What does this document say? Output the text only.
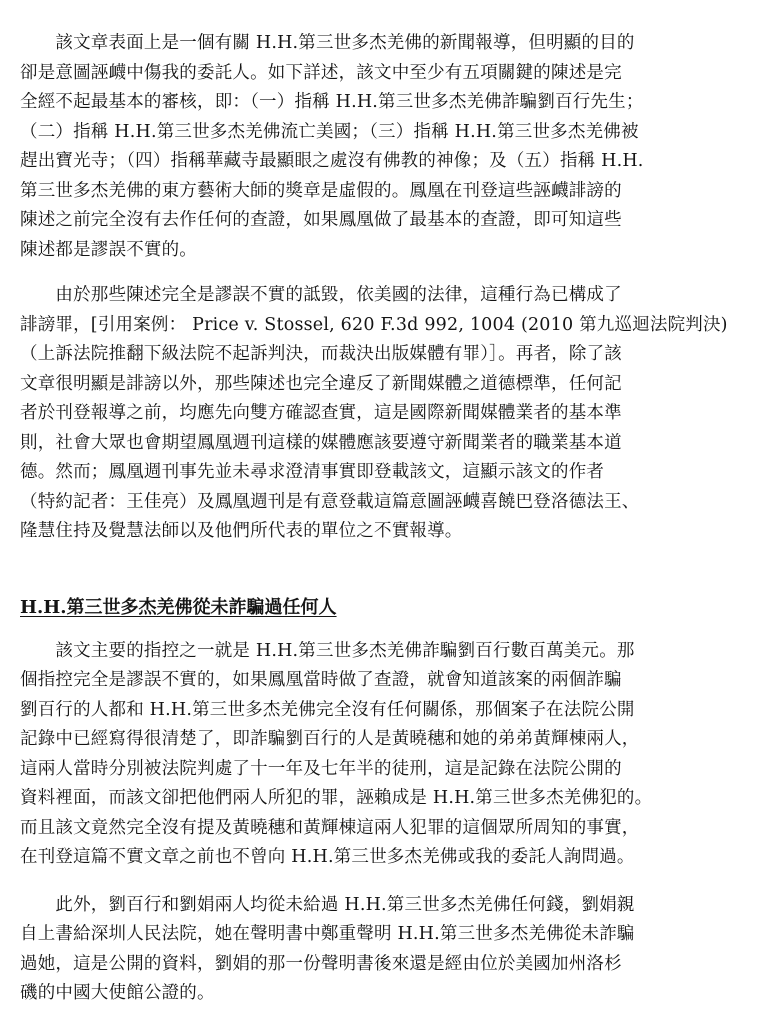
　　該文章表面上是一個有關 H.H.第三世多杰羌佛的新聞報導，但明顯的目的

卻是意圖誣衊中傷我的委託人。如下詳述，該文中至少有五項關鍵的陳述是完

全經不起最基本的審核，即：（一）指稱 H.H.第三世多杰羌佛詐騙劉百行先生；

（二）指稱 H.H.第三世多杰羌佛流亡美國；（三）指稱 H.H.第三世多杰羌佛被

趕出寶光寺；（四）指稱華藏寺最顯眼之處沒有佛教的神像；及（五）指稱 H.H.

第三世多杰羌佛的東方藝術大師的獎章是虛假的。鳳凰在刊登這些誣衊誹謗的

陳述之前完全沒有去作任何的查證，如果鳳凰做了最基本的查證，即可知這些

陳述都是謬誤不實的。

　　由於那些陳述完全是謬誤不實的詆毀，依美國的法律，這種行為已構成了

誹謗罪，[引用案例： Price v. Stossel, 620 F.3d 992, 1004 (2010 第九巡迴法院判決)

（上訴法院推翻下級法院不起訴判決，而裁決出版媒體有罪）］。再者，除了該

文章很明顯是誹謗以外，那些陳述也完全違反了新聞媒體之道德標準，任何記

者於刊登報導之前，均應先向雙方確認查實，這是國際新聞媒體業者的基本準

則，社會大眾也會期望鳳凰週刊這樣的媒體應該要遵守新聞業者的職業基本道

德。然而；鳳凰週刊事先並未尋求澄清事實即登載該文，這顯示該文的作者

（特約記者：王佳亮）及鳳凰週刊是有意登載這篇意圖誣衊喜饒巴登洛德法王、

隆慧住持及覺慧法師以及他們所代表的單位之不實報導。

H.H.第三世多杰羌佛從未詐騙過任何人

　　該文主要的指控之一就是 H.H.第三世多杰羌佛詐騙劉百行數百萬美元。那

個指控完全是謬誤不實的，如果鳳凰當時做了查證，就會知道該案的兩個詐騙

劉百行的人都和 H.H.第三世多杰羌佛完全沒有任何關係，那個案子在法院公開

記錄中已經寫得很清楚了，即詐騙劉百行的人是黃曉穗和她的弟弟黃輝棟兩人，

這兩人當時分別被法院判處了十一年及七年半的徒刑，這是記錄在法院公開的

資料裡面，而該文卻把他們兩人所犯的罪，誣賴成是 H.H.第三世多杰羌佛犯的。

而且該文竟然完全沒有提及黃曉穗和黃輝棟這兩人犯罪的這個眾所周知的事實，

在刊登這篇不實文章之前也不曾向 H.H.第三世多杰羌佛或我的委託人詢問過。

　　此外，劉百行和劉娟兩人均從未給過 H.H.第三世多杰羌佛任何錢，劉娟親

自上書給深圳人民法院，她在聲明書中鄭重聲明 H.H.第三世多杰羌佛從未詐騙

過她，這是公開的資料，劉娟的那一份聲明書後來還是經由位於美國加州洛杉

磯的中國大使館公證的。
